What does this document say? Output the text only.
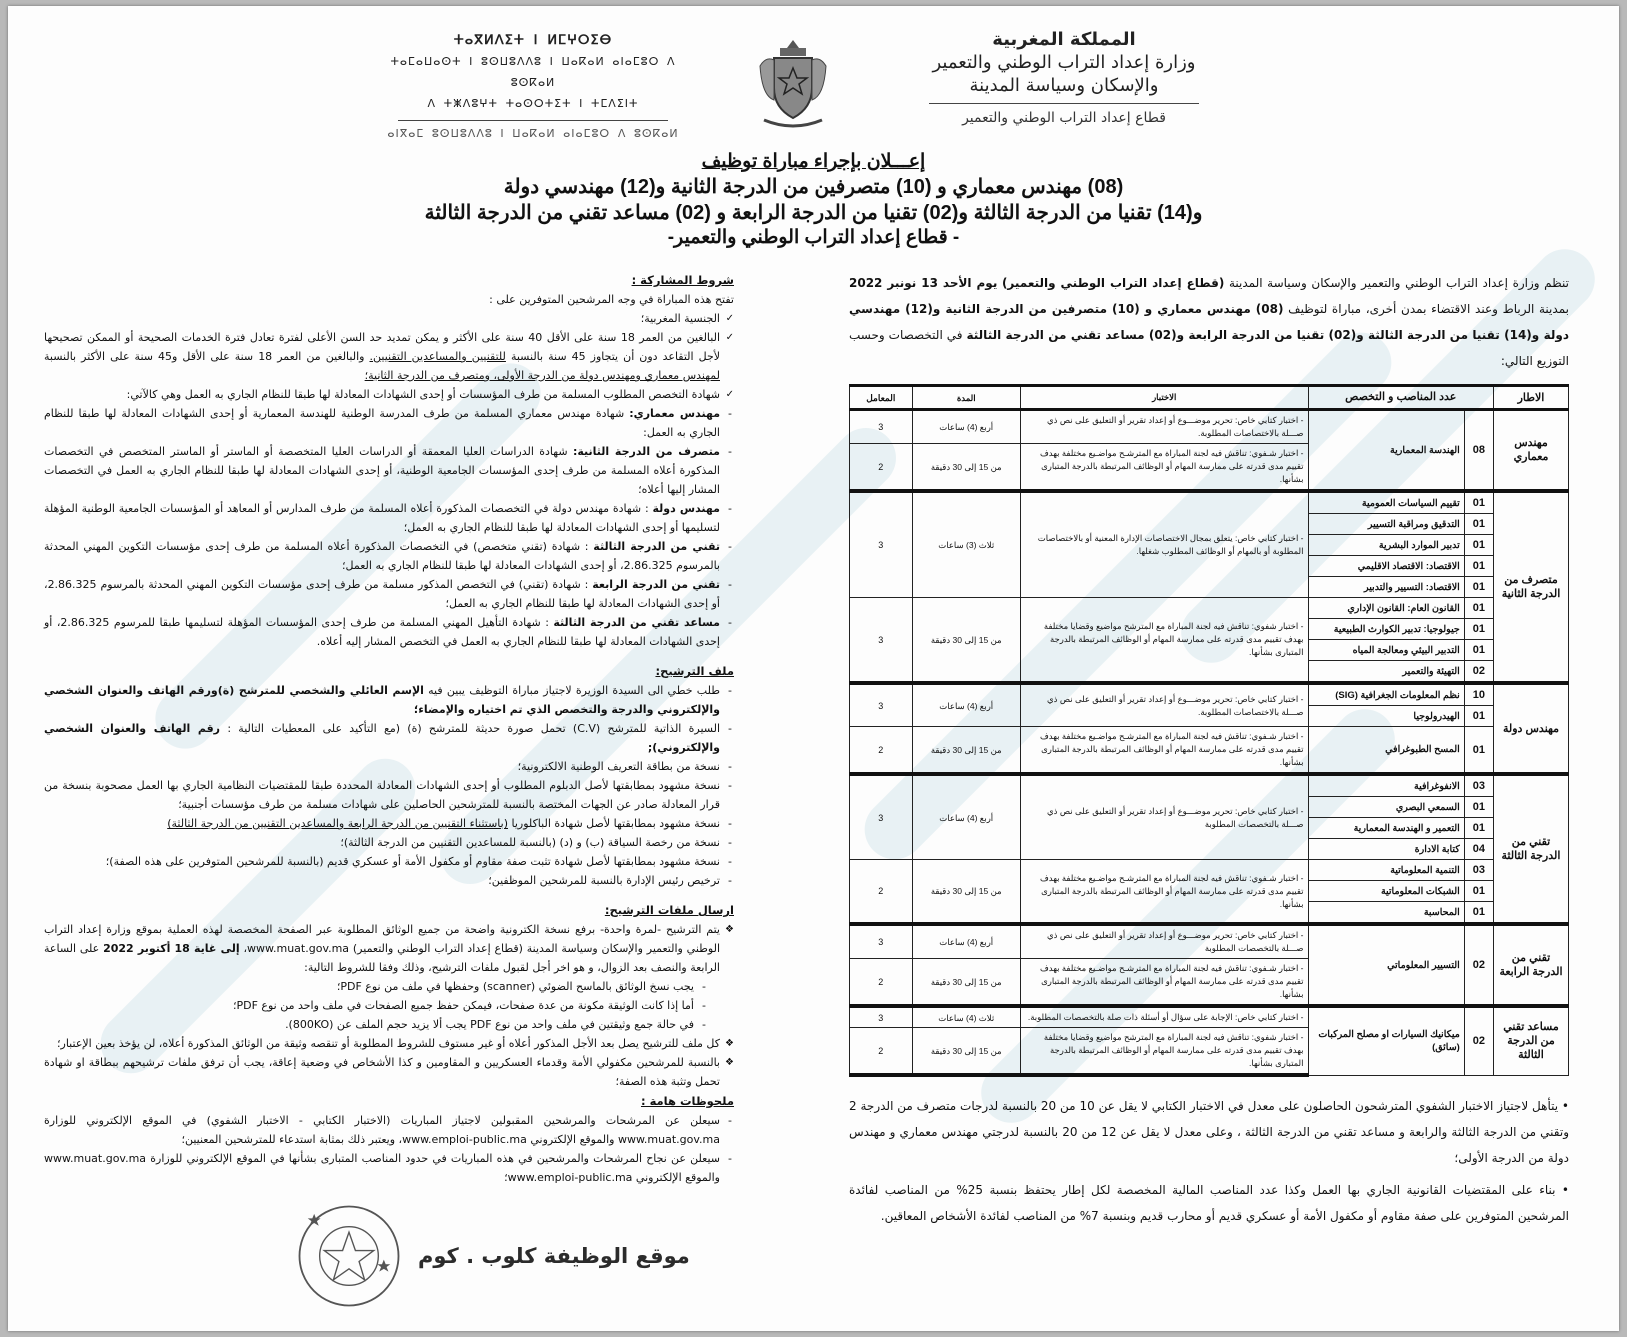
المملكة المغربية
وزارة إعداد التراب الوطني والتعمير
والإسكان وسياسة المدينة
قطاع إعداد التراب الوطني والتعمير
ⵜⴰⴳⵍⴷⵉⵜ ⵏ ⵍⵎⵖⵔⵉⴱ
ⵜⴰⵎⴰⵡⴰⵙⵜ ⵏ ⵓⵙⵡⵓⴷⴷⵓ ⵏ ⵡⴰⴽⴰⵍ ⴰⵏⴰⵎⵓⵔ ⴷ ⵓⵙⴽⴰⵍ
ⴷ ⵜⵥⴷⵓⵖⵜ ⵜⴰⵙⵔⵜⵉⵜ ⵏ ⵜⵎⴷⵉⵏⵜ
ⴰⵏⴳⴰⵎ ⵓⵙⵡⵓⴷⴷⵓ ⵏ ⵡⴰⴽⴰⵍ ⴰⵏⴰⵎⵓⵔ ⴷ ⵓⵙⴽⴰⵍ
إعـــلان بإجراء مباراة توظيف
(08) مهندس معماري و (10) متصرفين من الدرجة الثانية و(12) مهندسي دولة
و(14) تقنيا من الدرجة الثالثة و(02) تقنيا من الدرجة الرابعة و (02) مساعد تقني من الدرجة الثالثة
- قطاع إعداد التراب الوطني والتعمير-
شروط المشاركة :
تفتح هذه المباراة في وجه المرشحين المتوفرين على :
✓ الجنسية المغربية؛
✓ البالغين من العمر 18 سنة على الأقل 40 سنة على الأكثر و يمكن تمديد حد السن الأعلى لفترة تعادل فترة الخدمات الصحيحة أو الممكن تصحيحها لأجل التقاعد دون أن يتجاوز 45 سنة بالنسبة للتقنيين والمساعدين التقنيين. والبالغين من العمر 18 سنة على الأقل و45 سنة على الأكثر بالنسبة لمهندس معماري ومهندس دولة من الدرجة الأولى، ومتصرف من الدرجة الثانية؛
✓ شهادة التخصص المطلوب المسلمة من طرف المؤسسات أو إحدى الشهادات المعادلة لها طبقا للنظام الجاري به العمل وهي كالآتي:
- مهندس معماري: شهادة مهندس معماري المسلمة من طرف المدرسة الوطنية للهندسة المعمارية أو إحدى الشهادات المعادلة لها طبقا للنظام الجاري به العمل:
- متصرف من الدرجة الثانية: شهادة الدراسات العليا المعمقة أو الدراسات العليا المتخصصة أو الماستر أو الماستر المتخصص في التخصصات المذكورة أعلاه المسلمة من طرف إحدى المؤسسات الجامعية الوطنية، أو إحدى الشهادات المعادلة لها طبقا للنظام الجاري به العمل في التخصصات المشار إليها أعلاه؛
- مهندس دولة : شهادة مهندس دولة في التخصصات المذكورة أعلاه المسلمة من طرف المدارس أو المعاهد أو المؤسسات الجامعية الوطنية المؤهلة لتسليمها أو إحدى الشهادات المعادلة لها طبقا للنظام الجاري به العمل؛
- تقني من الدرجة الثالثة : شهادة (تقني متخصص) في التخصصات المذكورة أعلاه المسلمة من طرف إحدى مؤسسات التكوين المهني المحدثة بالمرسوم 2.86.325، أو إحدى الشهادات المعادلة لها طبقا للنظام الجاري به العمل؛
- تقني من الدرجة الرابعة : شهادة (تقني) في التخصص المذكور مسلمة من طرف إحدى مؤسسات التكوين المهني المحدثة بالمرسوم 2.86.325، أو إحدى الشهادات المعادلة لها طبقا للنظام الجاري به العمل؛
- مساعد تقني من الدرجة الثالثة : شهادة التأهيل المهني المسلمة من طرف إحدى المؤسسات المؤهلة لتسليمها طبقا للمرسوم 2.86.325، أو إحدى الشهادات المعادلة لها طبقا للنظام الجاري به العمل في التخصص المشار إليه أعلاه.
ملف الترشيح:
- طلب خطي الى السيدة الوزيرة لاجتياز مباراة التوظيف يبين فيه الإسم العائلي والشخصي للمترشح (ة)ورقم الهاتف والعنوان الشخصي والإلكتروني والدرجة والتخصص الذي تم اختياره والإمضاء؛
- السيرة الذاتية للمترشح (C.V) تحمل صورة حديثة للمترشح (ة) (مع التأكيد على المعطيات التالية : رقم الهاتف والعنوان الشخصي والإلكتروني);
- نسخة من بطاقة التعريف الوطنية الالكترونية؛
- نسخة مشهود بمطابقتها لأصل الدبلوم المطلوب أو إحدى الشهادات المعادلة المحددة طبقا للمقتضيات النظامية الجاري بها العمل مصحوبة بنسخة من قرار المعادلة صادر عن الجهات المختصة بالنسبة للمترشحين الحاصلين على شهادات مسلمة من طرف مؤسسات أجنبية؛
- نسخة مشهود بمطابقتها لأصل شهادة الباكلوريا (باستثناء التقنيين من الدرجة الرابعة والمساعدين التقنيين من الدرجة الثالثة)
- نسخة من رخصة السياقة (ب) و (د) (بالنسبة للمساعدين التقنيين من الدرجة الثالثة)؛
- نسخة مشهود بمطابقتها لأصل شهادة تثبت صفة مقاوم أو مكفول الأمة أو عسكري قديم (بالنسبة للمرشحين المتوفرين على هذه الصفة)؛
- ترخيص رئيس الإدارة بالنسبة للمرشحين الموظفين؛
ارسال ملفات الترشيح:
❖ يتم الترشيح -لمرة واحدة- برفع نسخة الكترونية واضحة من جميع الوثائق المطلوبة عبر الصفحة المخصصة لهذه العملية بموقع وزارة إعداد التراب الوطني والتعمير والإسكان وسياسة المدينة (قطاع إعداد التراب الوطني والتعمير) www.muat.gov.ma، إلى غاية 18 أكتوبر 2022 على الساعة الرابعة والنصف بعد الزوال، و هو اخر أجل لقبول ملفات الترشيح، وذلك وفقا للشروط التالية:
- يجب نسخ الوثائق بالماسح الضوئي (scanner) وحفظها في ملف من نوع PDF؛
- أما إذا كانت الوثيقة مكونة من عدة صفحات، فيمكن حفظ جميع الصفحات في ملف واحد من نوع PDF؛
- في حالة جمع وثيقتين في ملف واحد من نوع PDF يجب ألا يزيد حجم الملف عن (800KO).
❖ كل ملف للترشيح يصل بعد الأجل المذكور أعلاه أو غير مستوف للشروط المطلوبة أو تنقصه وثيقة من الوثائق المذكورة أعلاه، لن يؤخذ بعين الإعتبار؛
❖ بالنسبة للمرشحين مكفولي الأمة وقدماء العسكريين و المقاومين و كذا الأشخاص في وضعية إعاقة، يجب أن ترفق ملفات ترشيحهم ببطاقة او شهادة تحمل وتثبة هذه الصفة؛
ملحوظات هامة :
- سيعلن عن المرشحات والمرشحين المقبولين لاجتياز المباريات (الاختبار الكتابي - الاختبار الشفوي) في الموقع الإلكتروني للوزارة www.muat.gov.ma والموقع الإلكتروني www.emploi-public.ma، ويعتبر ذلك بمثابة استدعاء للمترشحين المعنيين؛
- سيعلن عن نجاح المرشحات والمرشحين في هذه المباريات في حدود المناصب المتبارى بشأنها في الموقع الإلكتروني للوزارة www.muat.gov.ma والموقع الإلكتروني www.emploi-public.ma؛
موقع الوظيفة كلوب . كوم
تنظم وزارة إعداد التراب الوطني والتعمير والإسكان وسياسة المدينة (قطاع إعداد التراب الوطني والتعمير) يوم الأحد 13 نونبر 2022 بمدينة الرباط وعند الاقتضاء بمدن أخرى، مباراة لتوظيف (08) مهندس معماري و (10) متصرفين من الدرجة الثانية و(12) مهندسي دولة و(14) تقنيا من الدرجة الثالثة و(02) تقنيا من الدرجة الرابعة و(02) مساعد تقني من الدرجة الثالثة في التخصصات وحسب التوزيع التالي:
الاطار	عدد المناصب و التخصص		الاختبار	المدة	المعامل
مهندس معماري	08	الهندسة المعمارية	- اختبار كتابي خاص: تحرير موضـــوع أو إعداد تقرير أو التعليق على نص ذي صـــلة بالاختصاصات المطلوبة.	أربع (4) ساعات	3
			- اختبار شـفوي: تناقش فيه لجنة المباراة مع المترشـح مواضـيع مختلفة بهدف تقييم مدى قدرته على ممارسة المهام أو الوظائف المرتبطة بالدرجة المتبارى بشأنها.	من 15 إلى 30 دقيقة	2
متصرف من الدرجة الثانية	01	تقييم السياسات العمومية	- اختبار كتابي خاص: يتعلق بمجال الاختصاصات الإدارة المعنية أو بالاختصاصات المطلوبة أو بالمهام أو الوظائف المطلوب شغلها.	ثلاث (3) ساعات	3
	01	التدقيق ومراقبة التسيير			
	01	تدبير الموارد البشرية			
	01	الاقتصاد: الاقتصاد الاقليمي			
	01	الاقتصاد: التسيير والتدبير			
	01	القانون العام: القانون الإداري	- اختبار شفوي: تناقش فيه لجنة المباراة مع المترشح مواضيع وقضايا مختلفة بهدف تقييم مدى قدرته على ممارسة المهام أو الوظائف المرتبطة بالدرجة المتبارى بشأنها.	من 15 إلى 30 دقيقة	3
	01	جيولوجيا: تدبير الكوارث الطبيعية			
	01	التدبير البيئي ومعالجة المياه			
	02	التهيئة والتعمير			
مهندس دولة	10	نظم المعلومات الجغرافية (SIG)	- اختبار كتابي خاص: تحرير موضـــوع أو إعداد تقرير أو التعليق على نص ذي صـــلة بالاختصاصات المطلوبة.	أربع (4) ساعات	3
	01	الهيدرولوجيا			
	01	المسح الطبوغرافي	- اختبار شـفوي: تناقش فيه لجنة المباراة مع المترشـح مواضـيع مختلفة بهدف تقييم مدى قدرته على ممارسة المهام أو الوظائف المرتبطة بالدرجة المتبارى بشأنها.	من 15 إلى 30 دقيقة	2
تقني من الدرجة الثالثة	03	الانفوغرافية	- اختبار كتابي خاص: تحرير موضـــوع أو إعداد تقرير أو التعليق على نص ذي صـــلة بالتخصصات المطلوبة	أربع (4) ساعات	3
	01	السمعي البصري			
	01	التعمير و الهندسة المعمارية			
	04	كتابة الادارة			
	03	التنمية المعلوماتية	- اختبار شـفوي: تناقش فيه لجنة المباراة مع المترشـح مواضـيع مختلفة بهدف تقييم مدى قدرته على ممارسة المهام أو الوظائف المرتبطة بالدرجة المتبارى بشأنها.	من 15 إلى 30 دقيقة	2
	01	الشبكات المعلوماتية			
	01	المحاسبة			
تقني من الدرجة الرابعة	02	التسيير المعلوماتي	- اختبار كتابي خاص: تحرير موضـــوع أو إعداد تقرير أو التعليق على نص ذي صـــلة بالتخصصات المطلوبة	أربع (4) ساعات	3
			- اختبار شـفوي: تناقش فيه لجنة المباراة مع المترشـح مواضـيع مختلفة بهدف تقييم مدى قدرته على ممارسة المهام أو الوظائف المرتبطة بالدرجة المتبارى بشأنها.	من 15 إلى 30 دقيقة	2
مساعد تقني من الدرجة الثالثة	02	ميكانيك السيارات او مصلح المركبات (سائق)	- اختبار كتابي خاص: الإجابة على سؤال أو أسئلة ذات صلة بالتخصصات المطلوبة.	ثلاث (4) ساعات	3
			- اختبار شفوي: تناقش فيه لجنة المباراة مع المترشح مواضيع وقضايا مختلفة بهدف تقييم مدى قدرته على ممارسة المهام أو الوظائف المرتبطة بالدرجة المتبارى بشأنها.	من 15 إلى 30 دقيقة	2

• يتأهل لاجتياز الاختبار الشفوي المترشحون الحاصلون على معدل في الاختبار الكتابي لا يقل عن 10 من 20 بالنسبة لدرجات متصرف من الدرجة 2 وتقني من الدرجة الثالثة والرابعة و مساعد تقني من الدرجة الثالثة ، وعلى معدل لا يقل عن 12 من 20 بالنسبة لدرجتي مهندس معماري و مهندس دولة من الدرجة الأولى؛

• بناء على المقتضيات القانونية الجاري بها العمل وكذا عدد المناصب المالية المخصصة لكل إطار يحتفظ بنسبة 25% من المناصب لفائدة المرشحين المتوفرين على صفة مقاوم أو مكفول الأمة أو عسكري قديم أو محارب قديم وبنسبة 7% من المناصب لفائدة الأشخاص المعاقين.
